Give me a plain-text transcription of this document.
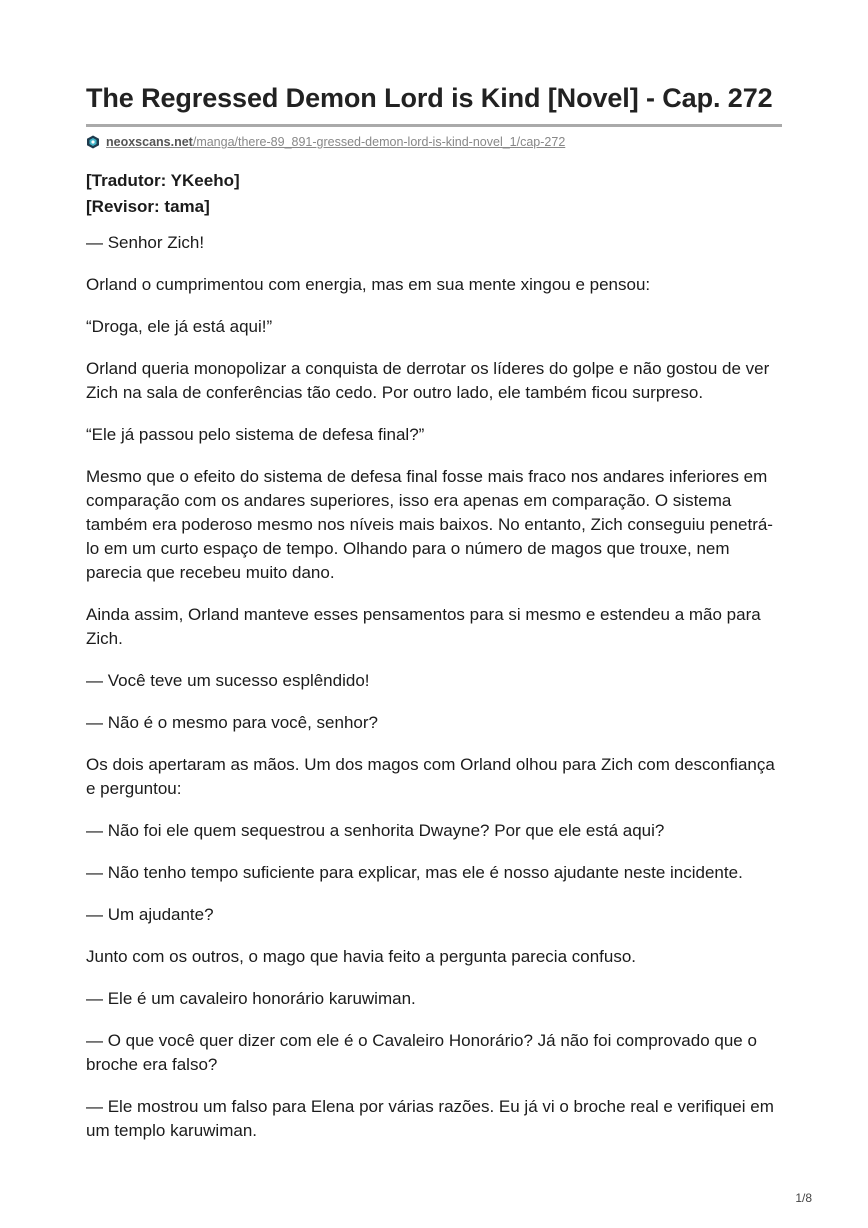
The Regressed Demon Lord is Kind [Novel] - Cap. 272
neoxscans.net/manga/there-89_891-gressed-demon-lord-is-kind-novel_1/cap-272
[Tradutor: YKeeho]
[Revisor: tama]

— Senhor Zich!

Orland o cumprimentou com energia, mas em sua mente xingou e pensou:

“Droga, ele já está aqui!”

Orland queria monopolizar a conquista de derrotar os líderes do golpe e não gostou de ver Zich na sala de conferências tão cedo. Por outro lado, ele também ficou surpreso.

“Ele já passou pelo sistema de defesa final?”

Mesmo que o efeito do sistema de defesa final fosse mais fraco nos andares inferiores em comparação com os andares superiores, isso era apenas em comparação. O sistema também era poderoso mesmo nos níveis mais baixos. No entanto, Zich conseguiu penetrá-lo em um curto espaço de tempo. Olhando para o número de magos que trouxe, nem parecia que recebeu muito dano.

Ainda assim, Orland manteve esses pensamentos para si mesmo e estendeu a mão para Zich.

— Você teve um sucesso esplêndido!

— Não é o mesmo para você, senhor?

Os dois apertaram as mãos. Um dos magos com Orland olhou para Zich com desconfiança e perguntou:

— Não foi ele quem sequestrou a senhorita Dwayne? Por que ele está aqui?

— Não tenho tempo suficiente para explicar, mas ele é nosso ajudante neste incidente.

— Um ajudante?

Junto com os outros, o mago que havia feito a pergunta parecia confuso.

— Ele é um cavaleiro honorário karuwiman.

— O que você quer dizer com ele é o Cavaleiro Honorário? Já não foi comprovado que o broche era falso?

— Ele mostrou um falso para Elena por várias razões. Eu já vi o broche real e verifiquei em um templo karuwiman.

1/8
